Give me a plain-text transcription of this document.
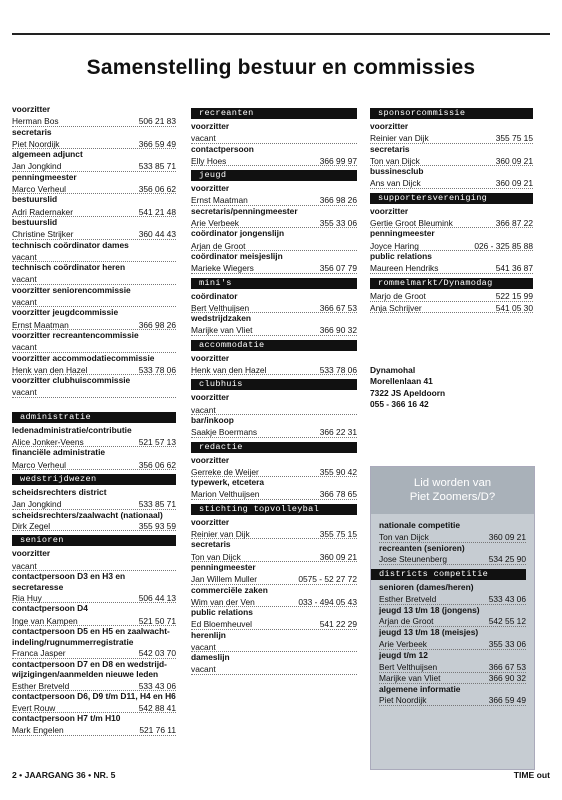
Samenstelling bestuur en commissies
voorzitter
Herman Bos	506 21 83
secretaris
Piet Noordijk	366 59 49
algemeen adjunct
Jan Jongkind	533 85 71
penningmeester
Marco Verheul	356 06 62
bestuurslid
Adri Radernaker	541 21 48
bestuurslid
Christine Strijker	360 44 43
technisch coördinator dames
vacant
technisch coördinator heren
vacant
voorzitter seniorencommissie
vacant
voorzitter jeugdcommissie
Ernst Maatman	366 98 26
voorzitter recreantencommissie
vacant
voorzitter accommodatiecommissie
Henk van den Hazel	533 78 06
voorzitter clubhuiscommissie
vacant
administratie
ledenadministratie/contributie
Alice Jonker-Veens	521 57 13
financiële administratie
Marco Verheul	356 06 62
wedstrijdwezen
scheidsrechters district
Jan Jongkind	533 85 71
scheidsrechters/zaalwacht (nationaal)
Dirk Zegel	355 93 59
senioren
voorzitter
vacant
contactpersoon D3 en H3 en secretaresse
Ria Huy	506 44 13
contactpersoon D4
Inge van Kampen	521 50 71
contactpersoon D5 en H5 en zaalwacht-indeling/rugnummerregistratie
Franca Jasper	542 03 70
contactpersoon D7 en D8 en wedstrijd-wijzigingen/aanmelden nieuwe leden
Esther Bretveld	533 43 06
contactpersoon D6, D9 t/m D11, H4 en H6
Evert Rouw	542 88 41
contactpersoon H7 t/m H10
Mark Engelen	521 76 11
recreanten
voorzitter
vacant
contactpersoon
Elly Hoes	366 99 97
jeugd
voorzitter
Ernst Maatman	366 98 26
secretaris/penningmeester
Arie Verbeek	355 33 06
coördinator jongenslijn
Arjan de Groot
coördinator meisjeslijn
Marieke Wiegers	356 07 79
mini's
coördinator
Bert Velthuijsen	366 67 53
wedstrijdzaken
Marijke van Vliet	366 90 32
accommodatie
voorzitter
Henk van den Hazel	533 78 06
clubhuis
voorzitter
vacant
bar/inkoop
Saakje Boermans	366 22 31
redactie
voorzitter
Gerreke de Weijer	355 90 42
typewerk, etcetera
Marion Velthuijsen	366 78 65
stichting topvolleybal
voorzitter
Reinier van Dijk	355 75 15
secretaris
Ton van Dijck	360 09 21
penningmeester
Jan Willem Muller	0575 - 52 27 72
commerciële zaken
Wim van der Ven	033 - 494 05 43
public relations
Ed Bloemheuvel	541 22 29
herenlijn
vacant
dameslijn
vacant
sponsorcommissie
voorzitter
Reinier van Dijk	355 75 15
secretaris
Ton van Dijck	360 09 21
bussinesclub
Ans van Dijck	360 09 21
supportersvereniging
voorzitter
Gertie Groot Bleumink	366 87 22
penningmeester
Joyce Haring	026 - 325 85 88
public relations
Maureen Hendriks	541 36 87
rommelmarkt/Dynamodag
Marjo de Groot	522 15 99
Anja Schrijver	541 05 30
Dynamohal
Morellenlaan 41
7322 JS Apeldoorn
055 - 366 16 42
Lid worden van
Piet Zoomers/D?
nationale competitie
Ton van Dijck	360 09 21
recreanten (senioren)
Jose Steunenberg	534 25 90
districts competitie
senioren (dames/heren)
Esther Bretveld	533 43 06
jeugd 13 t/m 18 (jongens)
Arjan de Groot	542 55 12
jeugd 13 t/m 18 (meisjes)
Arie Verbeek	355 33 06
jeugd t/m 12
Bert Velthuijsen	366 67 53
Marijke van Vliet	366 90 32
algemene informatie
Piet Noordijk	366 59 49
2 • JAARGANG 36 • NR. 5	TIME out
